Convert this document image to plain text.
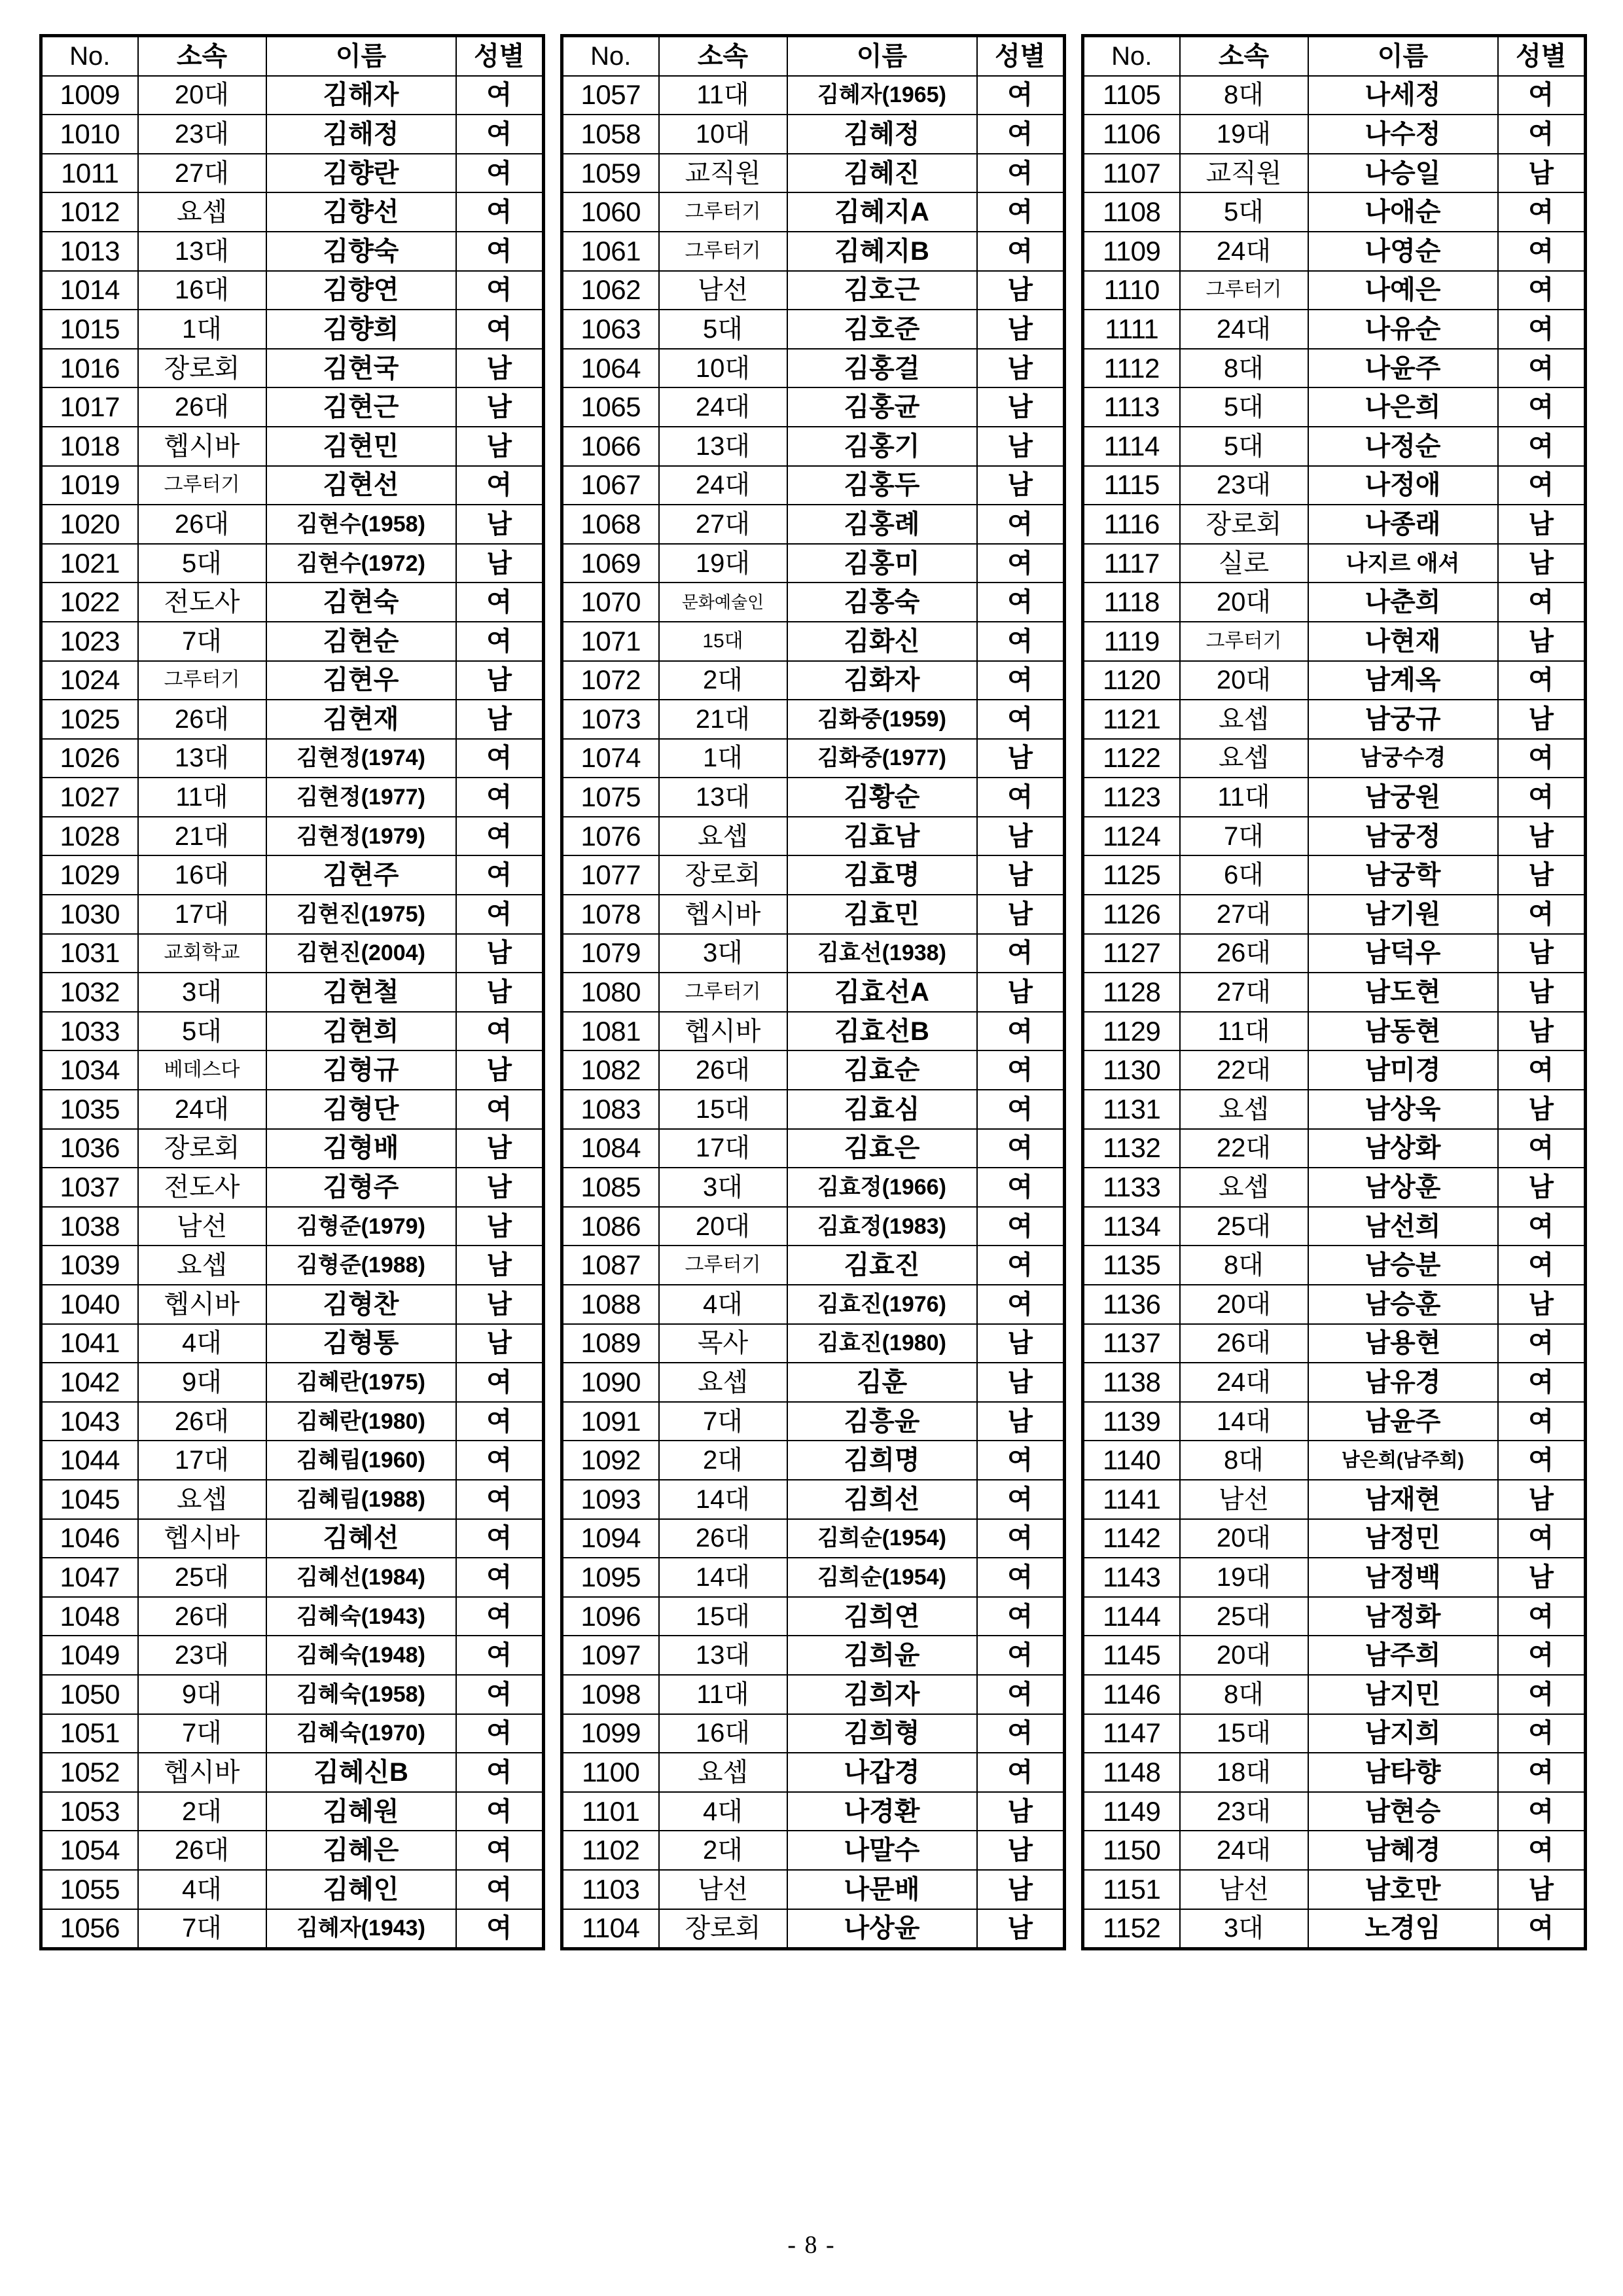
No.	소속	이름	성별
1009	20대	김해자	여
1010	23대	김해정	여
1011	27대	김향란	여
1012	요셉	김향선	여
1013	13대	김향숙	여
1014	16대	김향연	여
1015	1대	김향희	여
1016	장로회	김현국	남
1017	26대	김현근	남
1018	헵시바	김현민	남
1019	그루터기	김현선	여
1020	26대	김현수(1958)	남
1021	5대	김현수(1972)	남
1022	전도사	김현숙	여
1023	7대	김현순	여
1024	그루터기	김현우	남
1025	26대	김현재	남
1026	13대	김현정(1974)	여
1027	11대	김현정(1977)	여
1028	21대	김현정(1979)	여
1029	16대	김현주	여
1030	17대	김현진(1975)	여
1031	교회학교	김현진(2004)	남
1032	3대	김현철	남
1033	5대	김현희	여
1034	베데스다	김형규	남
1035	24대	김형단	여
1036	장로회	김형배	남
1037	전도사	김형주	남
1038	남선	김형준(1979)	남
1039	요셉	김형준(1988)	남
1040	헵시바	김형찬	남
1041	4대	김형통	남
1042	9대	김혜란(1975)	여
1043	26대	김혜란(1980)	여
1044	17대	김혜림(1960)	여
1045	요셉	김혜림(1988)	여
1046	헵시바	김혜선	여
1047	25대	김혜선(1984)	여
1048	26대	김혜숙(1943)	여
1049	23대	김혜숙(1948)	여
1050	9대	김혜숙(1958)	여
1051	7대	김혜숙(1970)	여
1052	헵시바	김혜신B	여
1053	2대	김혜원	여
1054	26대	김혜은	여
1055	4대	김혜인	여
1056	7대	김혜자(1943)	여
No.	소속	이름	성별
1057	11대	김혜자(1965)	여
1058	10대	김혜정	여
1059	교직원	김혜진	여
1060	그루터기	김혜지A	여
1061	그루터기	김혜지B	여
1062	남선	김호근	남
1063	5대	김호준	남
1064	10대	김홍걸	남
1065	24대	김홍균	남
1066	13대	김홍기	남
1067	24대	김홍두	남
1068	27대	김홍례	여
1069	19대	김홍미	여
1070	문화예술인	김홍숙	여
1071	15대	김화신	여
1072	2대	김화자	여
1073	21대	김화중(1959)	여
1074	1대	김화중(1977)	남
1075	13대	김황순	여
1076	요셉	김효남	남
1077	장로회	김효명	남
1078	헵시바	김효민	남
1079	3대	김효선(1938)	여
1080	그루터기	김효선A	남
1081	헵시바	김효선B	여
1082	26대	김효순	여
1083	15대	김효심	여
1084	17대	김효은	여
1085	3대	김효정(1966)	여
1086	20대	김효정(1983)	여
1087	그루터기	김효진	여
1088	4대	김효진(1976)	여
1089	목사	김효진(1980)	남
1090	요셉	김훈	남
1091	7대	김흥윤	남
1092	2대	김희명	여
1093	14대	김희선	여
1094	26대	김희순(1954)	여
1095	14대	김희순(1954)	여
1096	15대	김희연	여
1097	13대	김희윤	여
1098	11대	김희자	여
1099	16대	김희형	여
1100	요셉	나갑경	여
1101	4대	나경환	남
1102	2대	나말수	남
1103	남선	나문배	남
1104	장로회	나상윤	남
No.	소속	이름	성별
1105	8대	나세정	여
1106	19대	나수정	여
1107	교직원	나승일	남
1108	5대	나애순	여
1109	24대	나영순	여
1110	그루터기	나예은	여
1111	24대	나유순	여
1112	8대	나윤주	여
1113	5대	나은희	여
1114	5대	나정순	여
1115	23대	나정애	여
1116	장로회	나종래	남
1117	실로	나지르 애셔	남
1118	20대	나춘희	여
1119	그루터기	나현재	남
1120	20대	남계옥	여
1121	요셉	남궁규	남
1122	요셉	남궁수경	여
1123	11대	남궁원	여
1124	7대	남궁정	남
1125	6대	남궁학	남
1126	27대	남기원	여
1127	26대	남덕우	남
1128	27대	남도현	남
1129	11대	남동현	남
1130	22대	남미경	여
1131	요셉	남상욱	남
1132	22대	남상화	여
1133	요셉	남상훈	남
1134	25대	남선희	여
1135	8대	남승분	여
1136	20대	남승훈	남
1137	26대	남용현	여
1138	24대	남유경	여
1139	14대	남윤주	여
1140	8대	남은희(남주희)	여
1141	남선	남재현	남
1142	20대	남정민	여
1143	19대	남정백	남
1144	25대	남정화	여
1145	20대	남주희	여
1146	8대	남지민	여
1147	15대	남지희	여
1148	18대	남타향	여
1149	23대	남현승	여
1150	24대	남혜경	여
1151	남선	남호만	남
1152	3대	노경임	여
- 8 -
